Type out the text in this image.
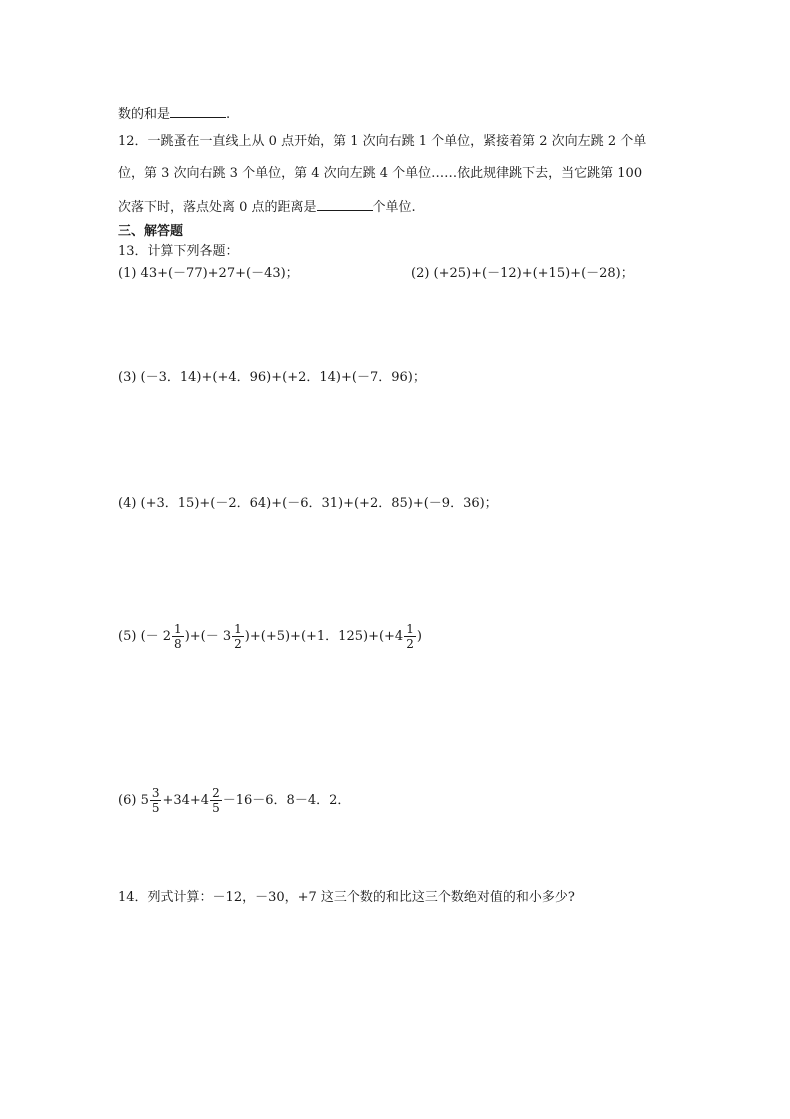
数的和是	.
12．一跳蚤在一直线上从 0 点开始，第 1 次向右跳 1 个单位，紧接着第 2 次向左跳 2 个单
位，第 3 次向右跳 3 个单位，第 4 次向左跳 4 个单位……依此规律跳下去，当它跳第 100
次落下时，落点处离 0 点的距离是	个单位.
三、解答题
13．计算下列各题：
(1) 43+(－77)+27+(－43)；	(2) (+25)+(－12)+(+15)+(－28)；
(3) (－3．14)+(+4．96)+(+2．14)+(－7．96)；
(4) (+3．15)+(－2．64)+(－6．31)+(+2．85)+(－9．36)；
(5) (－ $2 \frac{1}{8}$ )+(－ $3 \frac{1}{2} )+(+5)+(+1$．$125)+(+4 \frac{1}{2}$ )
(6) $5 \frac{3}{5} +34+4 \frac{2}{5} -16-6$．8－4．2．
14．列式计算：－12，－30，+7 这三个数的和比这三个数绝对值的和小多少?
